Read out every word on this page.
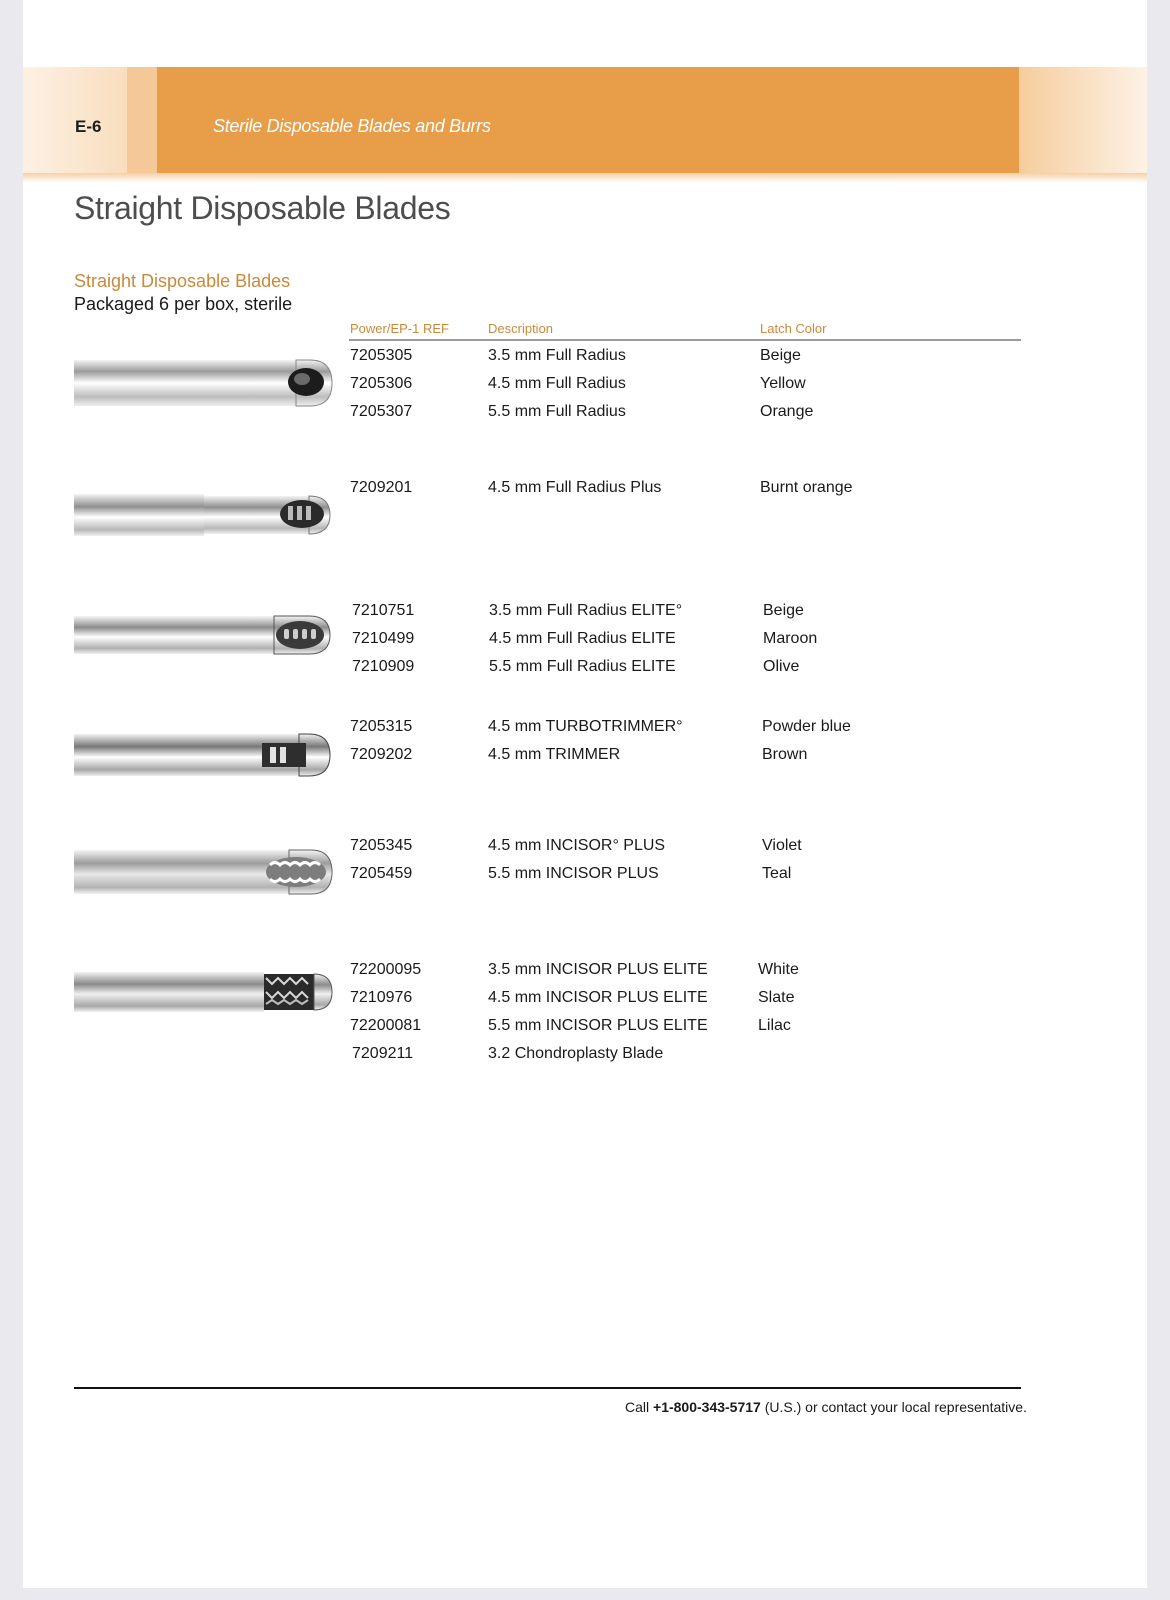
E-6	Sterile Disposable Blades and Burrs
Straight Disposable Blades
Straight Disposable Blades
Packaged 6 per box, sterile
Power/EP-1 REF	Description	Latch Color
7205305	3.5 mm Full Radius	Beige
7205306	4.5 mm Full Radius	Yellow
7205307	5.5 mm Full Radius	Orange
7209201	4.5 mm Full Radius Plus	Burnt orange
7210751	3.5 mm Full Radius ELITE°	Beige
7210499	4.5 mm Full Radius ELITE	Maroon
7210909	5.5 mm Full Radius ELITE	Olive
7205315	4.5 mm TURBOTRIMMER°	Powder blue
7209202	4.5 mm TRIMMER	Brown
7205345	4.5 mm INCISOR° PLUS	Violet
7205459	5.5 mm INCISOR PLUS	Teal
72200095	3.5 mm INCISOR PLUS ELITE	White
7210976	4.5 mm INCISOR PLUS ELITE	Slate
72200081	5.5 mm INCISOR PLUS ELITE	Lilac
7209211	3.2 Chondroplasty Blade
Call +1-800-343-5717 (U.S.) or contact your local representative.
